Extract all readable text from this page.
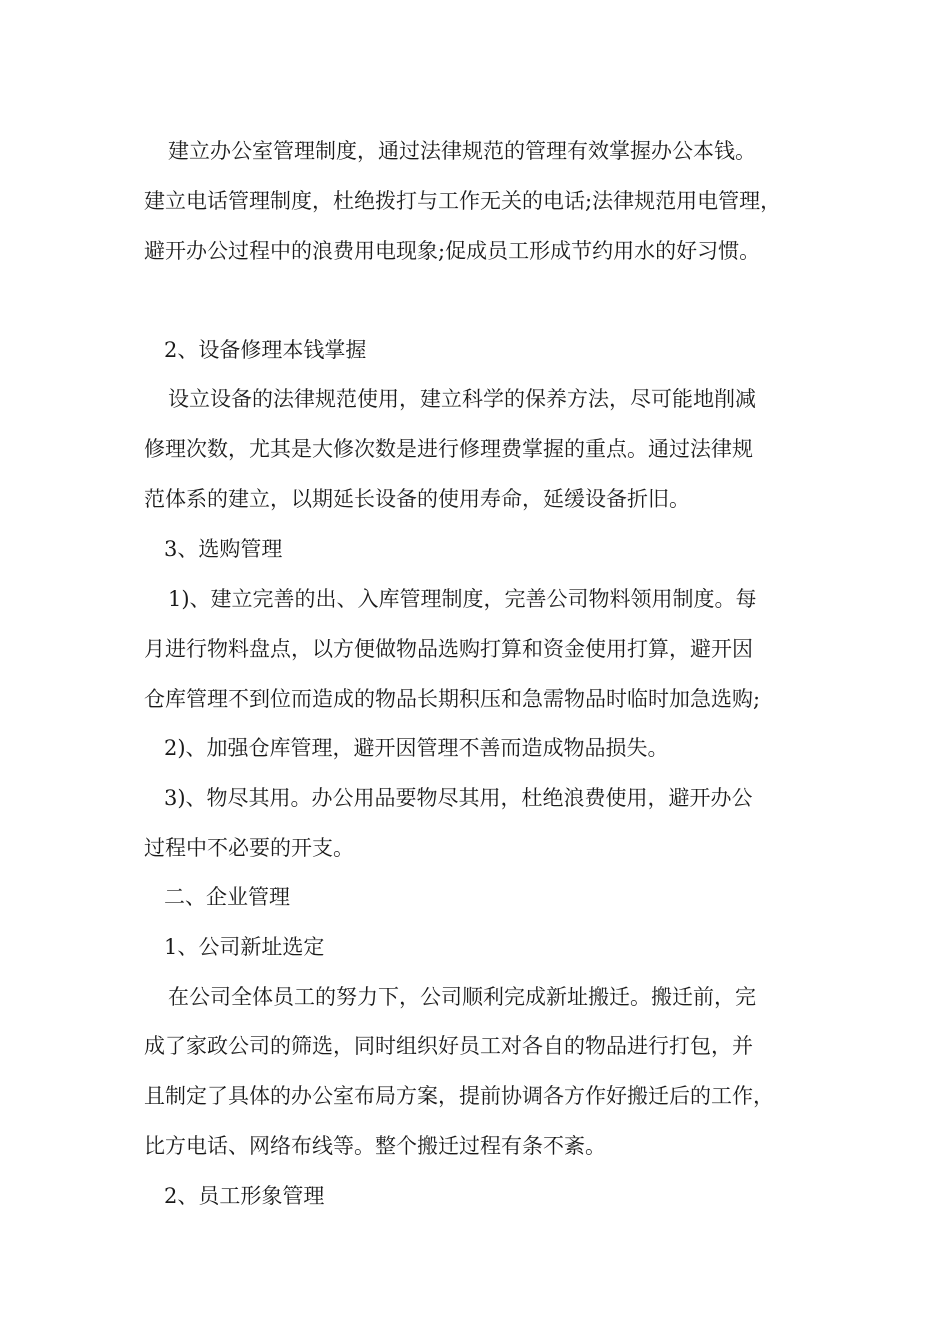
建立办公室管理制度，通过法律规范的管理有效掌握办公本钱。
建立电话管理制度，杜绝拨打与工作无关的电话;法律规范用电管理，
避开办公过程中的浪费用电现象;促成员工形成节约用水的好习惯。
2、设备修理本钱掌握
设立设备的法律规范使用，建立科学的保养方法，尽可能地削减
修理次数，尤其是大修次数是进行修理费掌握的重点。通过法律规
范体系的建立，以期延长设备的使用寿命，延缓设备折旧。
3、选购管理
1)、建立完善的出、入库管理制度，完善公司物料领用制度。每
月进行物料盘点，以方便做物品选购打算和资金使用打算，避开因
仓库管理不到位而造成的物品长期积压和急需物品时临时加急选购;
2)、加强仓库管理，避开因管理不善而造成物品损失。
3)、物尽其用。办公用品要物尽其用，杜绝浪费使用，避开办公
过程中不必要的开支。
二、企业管理
1、公司新址选定
在公司全体员工的努力下，公司顺利完成新址搬迁。搬迁前，完
成了家政公司的筛选，同时组织好员工对各自的物品进行打包，并
且制定了具体的办公室布局方案，提前协调各方作好搬迁后的工作，
比方电话、网络布线等。整个搬迁过程有条不紊。
2、员工形象管理
